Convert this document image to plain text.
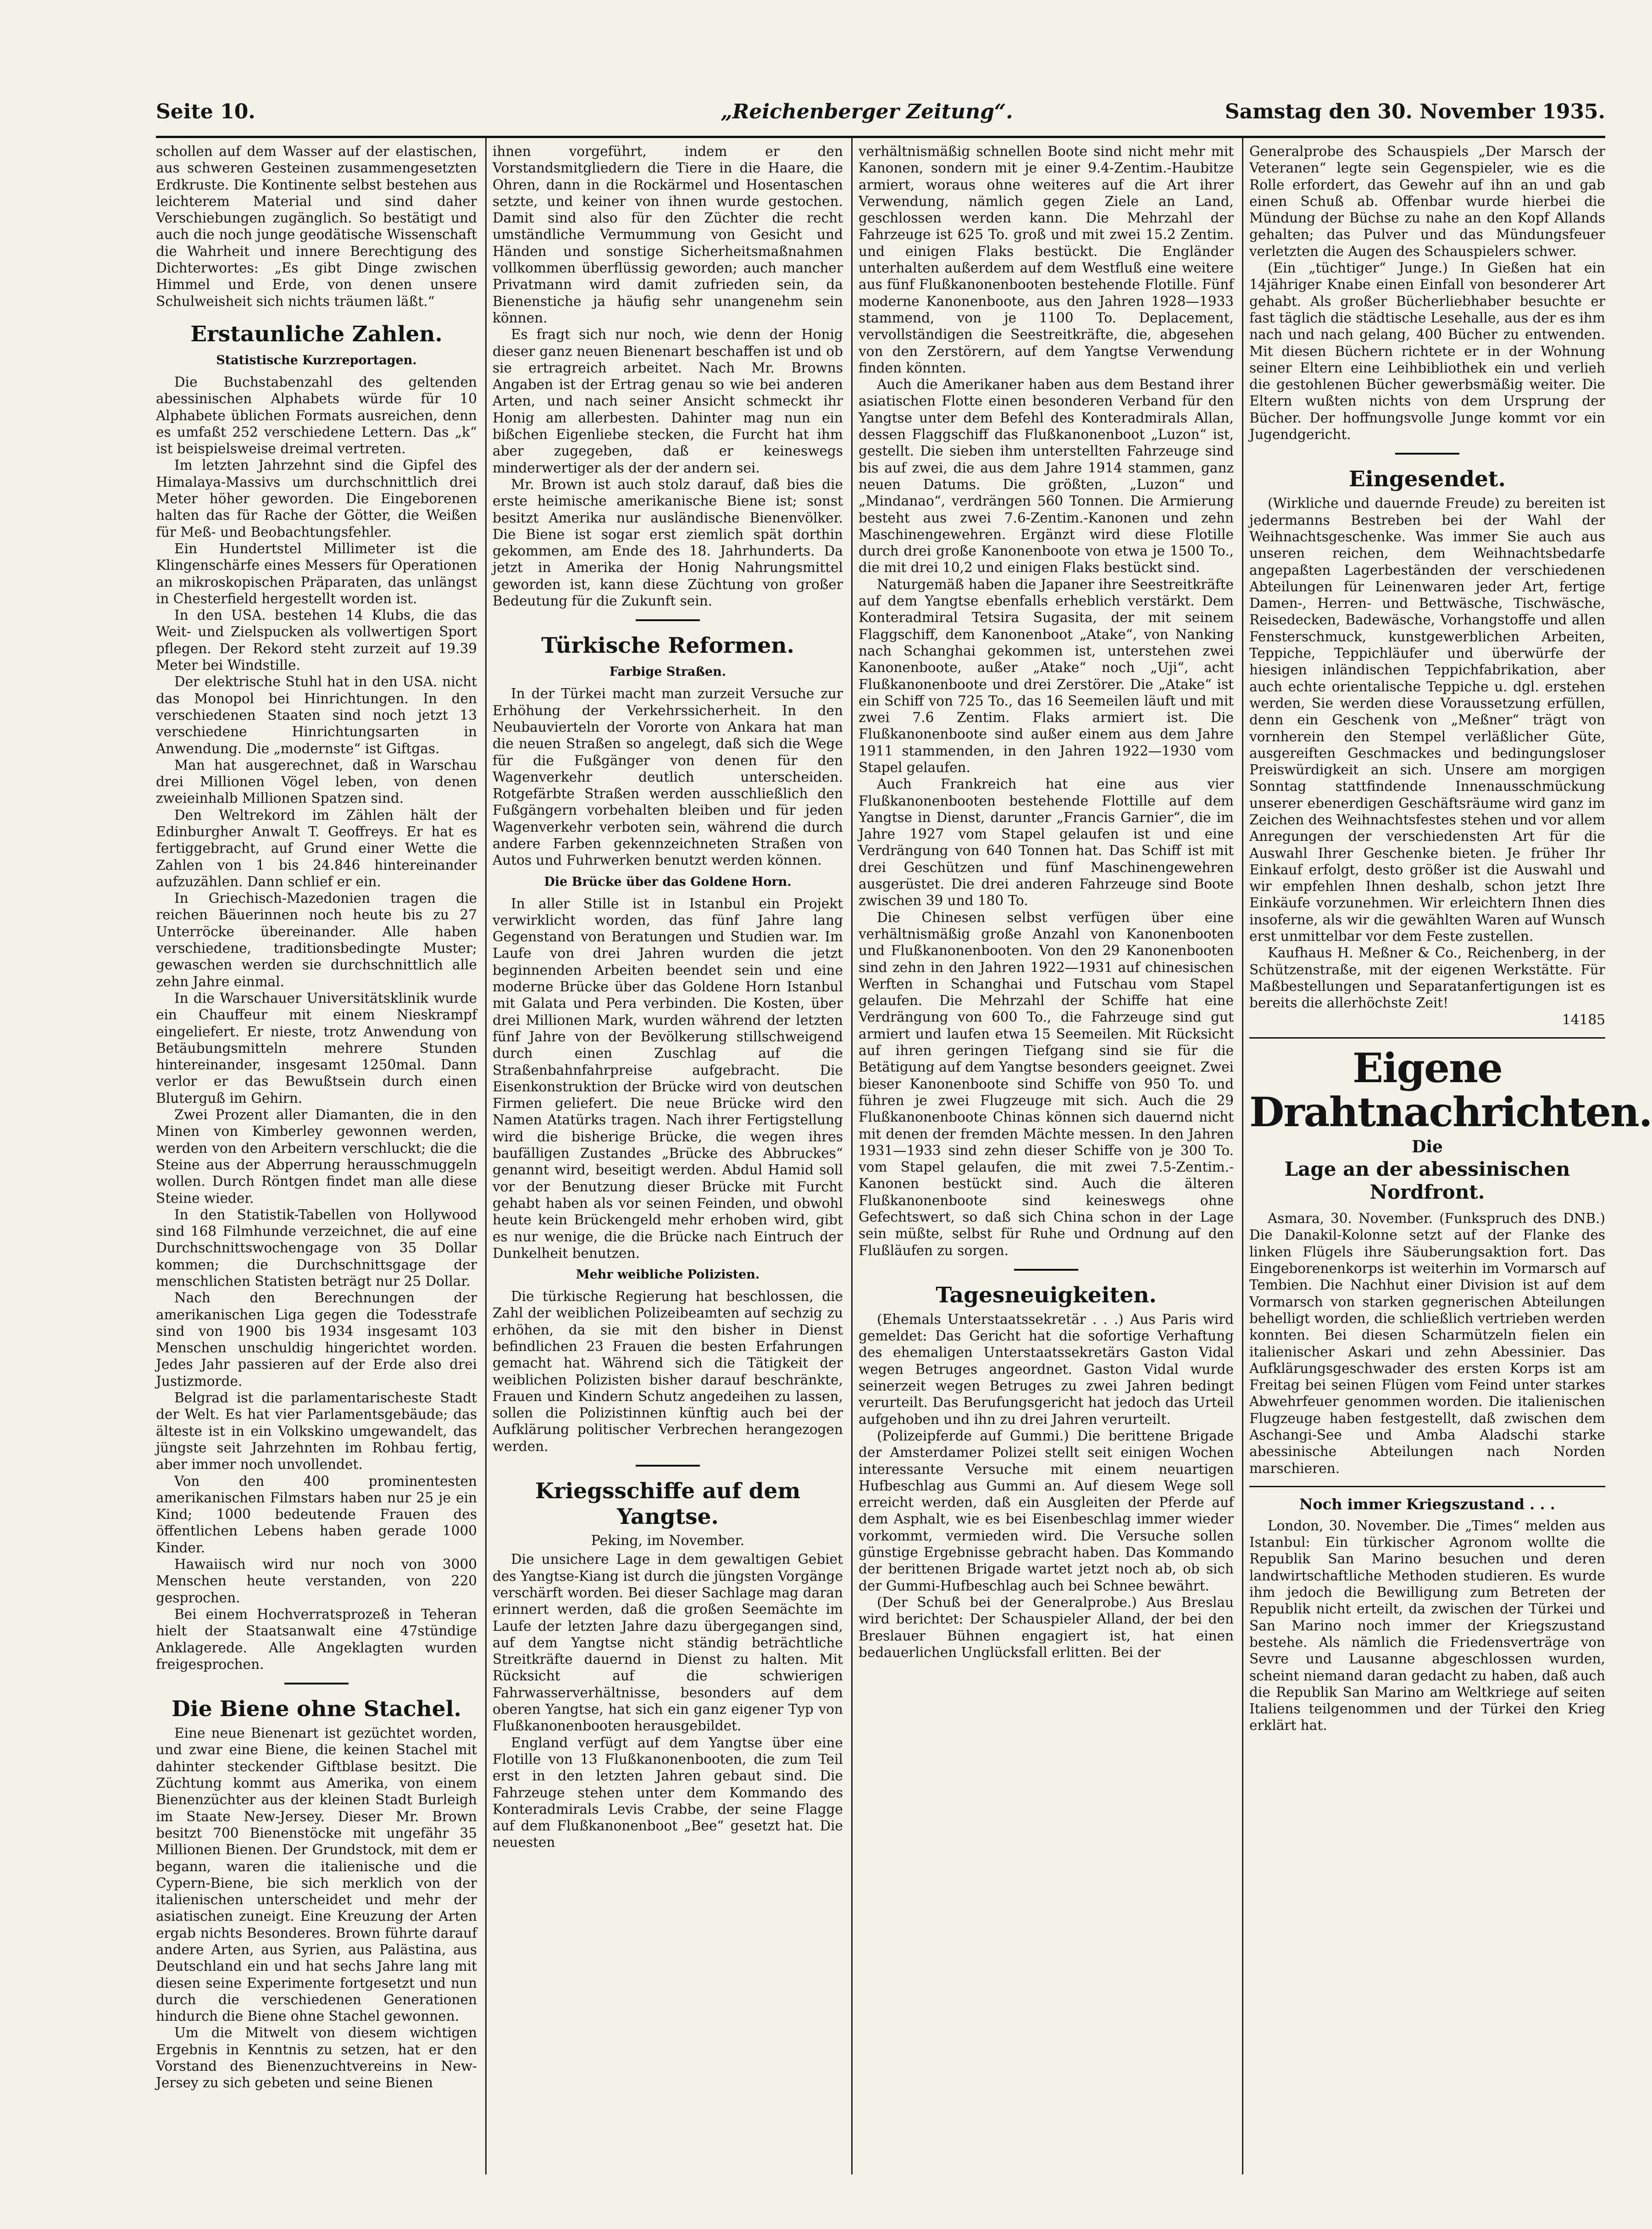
Seite 10.	„Reichenberger Zeitung“.	Samstag den 30. November 1935.

schollen auf dem Wasser auf der elastischen, aus schweren Gesteinen zusammengesetzten Erdkruste. Die Kontinente selbst bestehen aus leichterem Material und sind daher Verschiebungen zugänglich. So bestätigt und auch die noch junge geodätische Wissenschaft die Wahrheit und innere Berechtigung des Dichterwortes: „Es gibt Dinge zwischen Himmel und Erde, von denen unsere Schulweisheit sich nichts träumen läßt.“

Erstaunliche Zahlen.
Statistische Kurzreportagen.

Die Buchstabenzahl des geltenden abessinischen Alphabets würde für 10 Alphabete üblichen Formats ausreichen, denn es umfaßt 252 verschiedene Lettern. Das „k“ ist beispielsweise dreimal vertreten.

Im letzten Jahrzehnt sind die Gipfel des Himalaya-Massivs um durchschnittlich drei Meter höher geworden. Die Eingeborenen halten das für Rache der Götter, die Weißen für Meß- und Beobachtungsfehler.

Ein Hundertstel Millimeter ist die Klingenschärfe eines Messers für Operationen an mikroskopischen Präparaten, das unlängst in Chesterfield hergestellt worden ist.

In den USA. bestehen 14 Klubs, die das Weit- und Zielspucken als vollwertigen Sport pflegen. Der Rekord steht zurzeit auf 19.39 Meter bei Windstille.

Der elektrische Stuhl hat in den USA. nicht das Monopol bei Hinrichtungen. In den verschiedenen Staaten sind noch jetzt 13 verschiedene Hinrichtungsarten in Anwendung. Die „modernste“ ist Giftgas.

Man hat ausgerechnet, daß in Warschau drei Millionen Vögel leben, von denen zweieinhalb Millionen Spatzen sind.

Den Weltrekord im Zählen hält der Edinburgher Anwalt T. Geoffreys. Er hat es fertiggebracht, auf Grund einer Wette die Zahlen von 1 bis 24.846 hintereinander aufzuzählen. Dann schlief er ein.

In Griechisch-Mazedonien tragen die reichen Bäuerinnen noch heute bis zu 27 Unterröcke übereinander. Alle haben verschiedene, traditionsbedingte Muster; gewaschen werden sie durchschnittlich alle zehn Jahre einmal.

In die Warschauer Universitätsklinik wurde ein Chauffeur mit einem Nieskrampf eingeliefert. Er nieste, trotz Anwendung von Betäubungsmitteln mehrere Stunden hintereinander, insgesamt 1250mal. Dann verlor er das Bewußtsein durch einen Bluterguß im Gehirn.

Zwei Prozent aller Diamanten, die in den Minen von Kimberley gewonnen werden, werden von den Arbeitern verschluckt; die die Steine aus der Abperrung herausschmuggeln wollen. Durch Röntgen findet man alle diese Steine wieder.

In den Statistik-Tabellen von Hollywood sind 168 Filmhunde verzeichnet, die auf eine Durchschnittswochengage von 35 Dollar kommen; die Durchschnittsgage der menschlichen Statisten beträgt nur 25 Dollar.

Nach den Berechnungen der amerikanischen Liga gegen die Todesstrafe sind von 1900 bis 1934 insgesamt 103 Menschen unschuldig hingerichtet worden. Jedes Jahr passieren auf der Erde also drei Justizmorde.

Belgrad ist die parlamentarischeste Stadt der Welt. Es hat vier Parlamentsgebäude; das älteste ist in ein Volkskino umgewandelt, das jüngste seit Jahrzehnten im Rohbau fertig, aber immer noch unvollendet.

Von den 400 prominentesten amerikanischen Filmstars haben nur 25 je ein Kind; 1000 bedeutende Frauen des öffentlichen Lebens haben gerade 1000 Kinder.

Hawaiisch wird nur noch von 3000 Menschen heute verstanden, von 220 gesprochen.

Bei einem Hochverratsprozeß in Teheran hielt der Staatsanwalt eine 47stündige Anklagerede. Alle Angeklagten wurden freigesprochen.

Die Biene ohne Stachel.

Eine neue Bienenart ist gezüchtet worden, und zwar eine Biene, die keinen Stachel mit dahinter steckender Giftblase besitzt. Die Züchtung kommt aus Amerika, von einem Bienenzüchter aus der kleinen Stadt Burleigh im Staate New-Jersey. Dieser Mr. Brown besitzt 700 Bienenstöcke mit ungefähr 35 Millionen Bienen. Der Grundstock, mit dem er begann, waren die italienische und die Cypern-Biene, bie sich merklich von der italienischen unterscheidet und mehr der asiatischen zuneigt. Eine Kreuzung der Arten ergab nichts Besonderes. Brown führte darauf andere Arten, aus Syrien, aus Palästina, aus Deutschland ein und hat sechs Jahre lang mit diesen seine Experimente fortgesetzt und nun durch die verschiedenen Generationen hindurch die Biene ohne Stachel gewonnen.

Um die Mitwelt von diesem wichtigen Ergebnis in Kenntnis zu setzen, hat er den Vorstand des Bienenzuchtvereins in New-Jersey zu sich gebeten und seine Bienen

ihnen vorgeführt, indem er den Vorstandsmitgliedern die Tiere in die Haare, die Ohren, dann in die Rockärmel und Hosentaschen setzte, und keiner von ihnen wurde gestochen. Damit sind also für den Züchter die recht umständliche Vermummung von Gesicht und Händen und sonstige Sicherheitsmaßnahmen vollkommen überflüssig geworden; auch mancher Privatmann wird damit zufrieden sein, da Bienenstiche ja häufig sehr unangenehm sein können.

Es fragt sich nur noch, wie denn der Honig dieser ganz neuen Bienenart beschaffen ist und ob sie ertragreich arbeitet. Nach Mr. Browns Angaben ist der Ertrag genau so wie bei anderen Arten, und nach seiner Ansicht schmeckt ihr Honig am allerbesten. Dahinter mag nun ein bißchen Eigenliebe stecken, die Furcht hat ihm aber zugegeben, daß er keineswegs minderwertiger als der der andern sei.

Mr. Brown ist auch stolz darauf, daß bies die erste heimische amerikanische Biene ist; sonst besitzt Amerika nur ausländische Bienenvölker. Die Biene ist sogar erst ziemlich spät dorthin gekommen, am Ende des 18. Jahrhunderts. Da jetzt in Amerika der Honig Nahrungsmittel geworden ist, kann diese Züchtung von großer Bedeutung für die Zukunft sein.

Türkische Reformen.
Farbige Straßen.

In der Türkei macht man zurzeit Versuche zur Erhöhung der Verkehrssicherheit. In den Neubauvierteln der Vororte von Ankara hat man die neuen Straßen so angelegt, daß sich die Wege für die Fußgänger von denen für den Wagenverkehr deutlich unterscheiden. Rotgefärbte Straßen werden ausschließlich den Fußgängern vorbehalten bleiben und für jeden Wagenverkehr verboten sein, während die durch andere Farben gekennzeichneten Straßen von Autos und Fuhrwerken benutzt werden können.

Die Brücke über das Goldene Horn.

In aller Stille ist in Istanbul ein Projekt verwirklicht worden, das fünf Jahre lang Gegenstand von Beratungen und Studien war. Im Laufe von drei Jahren wurden die jetzt beginnenden Arbeiten beendet sein und eine moderne Brücke über das Goldene Horn Istanbul mit Galata und Pera verbinden. Die Kosten, über drei Millionen Mark, wurden während der letzten fünf Jahre von der Bevölkerung stillschweigend durch einen Zuschlag auf die Straßenbahnfahrpreise aufgebracht. Die Eisenkonstruktion der Brücke wird von deutschen Firmen geliefert. Die neue Brücke wird den Namen Atatürks tragen. Nach ihrer Fertigstellung wird die bisherige Brücke, die wegen ihres baufälligen Zustandes „Brücke des Abbruckes“ genannt wird, beseitigt werden. Abdul Hamid soll vor der Benutzung dieser Brücke mit Furcht gehabt haben als vor seinen Feinden, und obwohl heute kein Brückengeld mehr erhoben wird, gibt es nur wenige, die die Brücke nach Eintruch der Dunkelheit benutzen.

Mehr weibliche Polizisten.

Die türkische Regierung hat beschlossen, die Zahl der weiblichen Polizeibeamten auf sechzig zu erhöhen, da sie mit den bisher in Dienst befindlichen 23 Frauen die besten Erfahrungen gemacht hat. Während sich die Tätigkeit der weiblichen Polizisten bisher darauf beschränkte, Frauen und Kindern Schutz angedeihen zu lassen, sollen die Polizistinnen künftig auch bei der Aufklärung politischer Verbrechen herangezogen werden.

Kriegsschiffe auf dem Yangtse.
Peking, im November.

Die unsichere Lage in dem gewaltigen Gebiet des Yangtse-Kiang ist durch die jüngsten Vorgänge verschärft worden. Bei dieser Sachlage mag daran erinnert werden, daß die großen Seemächte im Laufe der letzten Jahre dazu übergegangen sind, auf dem Yangtse nicht ständig beträchtliche Streitkräfte dauernd in Dienst zu halten. Mit Rücksicht auf die schwierigen Fahrwasserverhältnisse, besonders auf dem oberen Yangtse, hat sich ein ganz eigener Typ von Flußkanonenbooten herausgebildet.

England verfügt auf dem Yangtse über eine Flotille von 13 Flußkanonenbooten, die zum Teil erst in den letzten Jahren gebaut sind. Die Fahrzeuge stehen unter dem Kommando des Konteradmirals Levis Crabbe, der seine Flagge auf dem Flußkanonenboot „Bee“ gesetzt hat. Die neuesten

verhältnismäßig schnellen Boote sind nicht mehr mit Kanonen, sondern mit je einer 9.4-Zentim.-Haubitze armiert, woraus ohne weiteres auf die Art ihrer Verwendung, nämlich gegen Ziele an Land, geschlossen werden kann. Die Mehrzahl der Fahrzeuge ist 625 To. groß und mit zwei 15.2 Zentim. und einigen Flaks bestückt. Die Engländer unterhalten außerdem auf dem Westfluß eine weitere aus fünf Flußkanonenbooten bestehende Flotille. Fünf moderne Kanonenboote, aus den Jahren 1928—1933 stammend, von je 1100 To. Deplacement, vervollständigen die Seestreitkräfte, die, abgesehen von den Zerstörern, auf dem Yangtse Verwendung finden könnten.

Auch die Amerikaner haben aus dem Bestand ihrer asiatischen Flotte einen besonderen Verband für den Yangtse unter dem Befehl des Konteradmirals Allan, dessen Flaggschiff das Flußkanonenboot „Luzon“ ist, gestellt. Die sieben ihm unterstellten Fahrzeuge sind bis auf zwei, die aus dem Jahre 1914 stammen, ganz neuen Datums. Die größten, „Luzon“ und „Mindanao“, verdrängen 560 Tonnen. Die Armierung besteht aus zwei 7.6-Zentim.-Kanonen und zehn Maschinengewehren. Ergänzt wird diese Flotille durch drei große Kanonenboote von etwa je 1500 To., die mit drei 10,2 und einigen Flaks bestückt sind.

Naturgemäß haben die Japaner ihre Seestreitkräfte auf dem Yangtse ebenfalls erheblich verstärkt. Dem Konteradmiral Tetsira Sugasita, der mit seinem Flaggschiff, dem Kanonenboot „Atake“, von Nanking nach Schanghai gekommen ist, unterstehen zwei Kanonenboote, außer „Atake“ noch „Uji“, acht Flußkanonenboote und drei Zerstörer. Die „Atake“ ist ein Schiff von 725 To., das 16 Seemeilen läuft und mit zwei 7.6 Zentim. Flaks armiert ist. Die Flußkanonenboote sind außer einem aus dem Jahre 1911 stammenden, in den Jahren 1922—1930 vom Stapel gelaufen.

Auch Frankreich hat eine aus vier Flußkanonenbooten bestehende Flottille auf dem Yangtse in Dienst, darunter „Francis Garnier“, die im Jahre 1927 vom Stapel gelaufen ist und eine Verdrängung von 640 Tonnen hat. Das Schiff ist mit drei Geschützen und fünf Maschinengewehren ausgerüstet. Die drei anderen Fahrzeuge sind Boote zwischen 39 und 180 To.

Die Chinesen selbst verfügen über eine verhältnismäßig große Anzahl von Kanonenbooten und Flußkanonenbooten. Von den 29 Kanonenbooten sind zehn in den Jahren 1922—1931 auf chinesischen Werften in Schanghai und Futschau vom Stapel gelaufen. Die Mehrzahl der Schiffe hat eine Verdrängung von 600 To., die Fahrzeuge sind gut armiert und laufen etwa 15 Seemeilen. Mit Rücksicht auf ihren geringen Tiefgang sind sie für die Betätigung auf dem Yangtse besonders geeignet. Zwei bieser Kanonenboote sind Schiffe von 950 To. und führen je zwei Flugzeuge mit sich. Auch die 29 Flußkanonenboote Chinas können sich dauernd nicht mit denen der fremden Mächte messen. In den Jahren 1931—1933 sind zehn dieser Schiffe von je 300 To. vom Stapel gelaufen, die mit zwei 7.5-Zentim.-Kanonen bestückt sind. Auch die älteren Flußkanonenboote sind keineswegs ohne Gefechtswert, so daß sich China schon in der Lage sein müßte, selbst für Ruhe und Ordnung auf den Flußläufen zu sorgen.

Tagesneuigkeiten.

(Ehemals Unterstaatssekretär . . .) Aus Paris wird gemeldet: Das Gericht hat die sofortige Verhaftung des ehemaligen Unterstaatssekretärs Gaston Vidal wegen Betruges angeordnet. Gaston Vidal wurde seinerzeit wegen Betruges zu zwei Jahren bedingt verurteilt. Das Berufungsgericht hat jedoch das Urteil aufgehoben und ihn zu drei Jahren verurteilt.

(Polizeipferde auf Gummi.) Die berittene Brigade der Amsterdamer Polizei stellt seit einigen Wochen interessante Versuche mit einem neuartigen Hufbeschlag aus Gummi an. Auf diesem Wege soll erreicht werden, daß ein Ausgleiten der Pferde auf dem Asphalt, wie es bei Eisenbeschlag immer wieder vorkommt, vermieden wird. Die Versuche sollen günstige Ergebnisse gebracht haben. Das Kommando der berittenen Brigade wartet jetzt noch ab, ob sich der Gummi-Hufbeschlag auch bei Schnee bewährt.

(Der Schuß bei der Generalprobe.) Aus Breslau wird berichtet: Der Schauspieler Alland, der bei den Breslauer Bühnen engagiert ist, hat einen bedauerlichen Unglücksfall erlitten. Bei der

Generalprobe des Schauspiels „Der Marsch der Veteranen“ legte sein Gegenspieler, wie es die Rolle erfordert, das Gewehr auf ihn an und gab einen Schuß ab. Offenbar wurde hierbei die Mündung der Büchse zu nahe an den Kopf Allands gehalten; das Pulver und das Mündungsfeuer verletzten die Augen des Schauspielers schwer.

(Ein „tüchtiger“ Junge.) In Gießen hat ein 14jähriger Knabe einen Einfall von besonderer Art gehabt. Als großer Bücherliebhaber besuchte er fast täglich die städtische Lesehalle, aus der es ihm nach und nach gelang, 400 Bücher zu entwenden. Mit diesen Büchern richtete er in der Wohnung seiner Eltern eine Leihbibliothek ein und verlieh die gestohlenen Bücher gewerbsmäßig weiter. Die Eltern wußten nichts von dem Ursprung der Bücher. Der hoffnungsvolle Junge kommt vor ein Jugendgericht.

Eingesendet.

(Wirkliche und dauernde Freude) zu bereiten ist jedermanns Bestreben bei der Wahl der Weihnachtsgeschenke. Was immer Sie auch aus unseren reichen, dem Weihnachtsbedarfe angepaßten Lagerbeständen der verschiedenen Abteilungen für Leinenwaren jeder Art, fertige Damen-, Herren- und Bettwäsche, Tischwäsche, Reisedecken, Badewäsche, Vorhangstoffe und allen Fensterschmuck, kunstgewerblichen Arbeiten, Teppiche, Teppichläufer und überwürfe der hiesigen inländischen Teppichfabrikation, aber auch echte orientalische Teppiche u. dgl. erstehen werden, Sie werden diese Voraussetzung erfüllen, denn ein Geschenk von „Meßner“ trägt von vornherein den Stempel verläßlicher Güte, ausgereiften Geschmackes und bedingungsloser Preiswürdigkeit an sich. Unsere am morgigen Sonntag stattfindende Innenausschmückung unserer ebenerdigen Geschäftsräume wird ganz im Zeichen des Weihnachtsfestes stehen und vor allem Anregungen der verschiedensten Art für die Auswahl Ihrer Geschenke bieten. Je früher Ihr Einkauf erfolgt, desto größer ist die Auswahl und wir empfehlen Ihnen deshalb, schon jetzt Ihre Einkäufe vorzunehmen. Wir erleichtern Ihnen dies insoferne, als wir die gewählten Waren auf Wunsch erst unmittelbar vor dem Feste zustellen.

Kaufhaus H. Meßner & Co., Reichenberg, in der Schützenstraße, mit der eigenen Werkstätte. Für Maßbestellungen und Separatanfertigungen ist es bereits die allerhöchste Zeit!

14185

Eigene Drahtnachrichten.
Die
Lage an der abessinischen Nordfront.

Asmara, 30. November. (Funkspruch des DNB.) Die Danakil-Kolonne setzt auf der Flanke des linken Flügels ihre Säuberungsaktion fort. Das Eingeborenenkorps ist weiterhin im Vormarsch auf Tembien. Die Nachhut einer Division ist auf dem Vormarsch von starken gegnerischen Abteilungen behelligt worden, die schließlich vertrieben werden konnten. Bei diesen Scharmützeln fielen ein italienischer Askari und zehn Abessinier. Das Aufklärungsgeschwader des ersten Korps ist am Freitag bei seinen Flügen vom Feind unter starkes Abwehrfeuer genommen worden. Die italienischen Flugzeuge haben festgestellt, daß zwischen dem Aschangi-See und Amba Aladschi starke abessinische Abteilungen nach Norden marschieren.

Noch immer Kriegszustand . . .

London, 30. November. Die „Times“ melden aus Istanbul: Ein türkischer Agronom wollte die Republik San Marino besuchen und deren landwirtschaftliche Methoden studieren. Es wurde ihm jedoch die Bewilligung zum Betreten der Republik nicht erteilt, da zwischen der Türkei und San Marino noch immer der Kriegszustand bestehe. Als nämlich die Friedensverträge von Sevre und Lausanne abgeschlossen wurden, scheint niemand daran gedacht zu haben, daß auch die Republik San Marino am Weltkriege auf seiten Italiens teilgenommen und der Türkei den Krieg erklärt hat.
